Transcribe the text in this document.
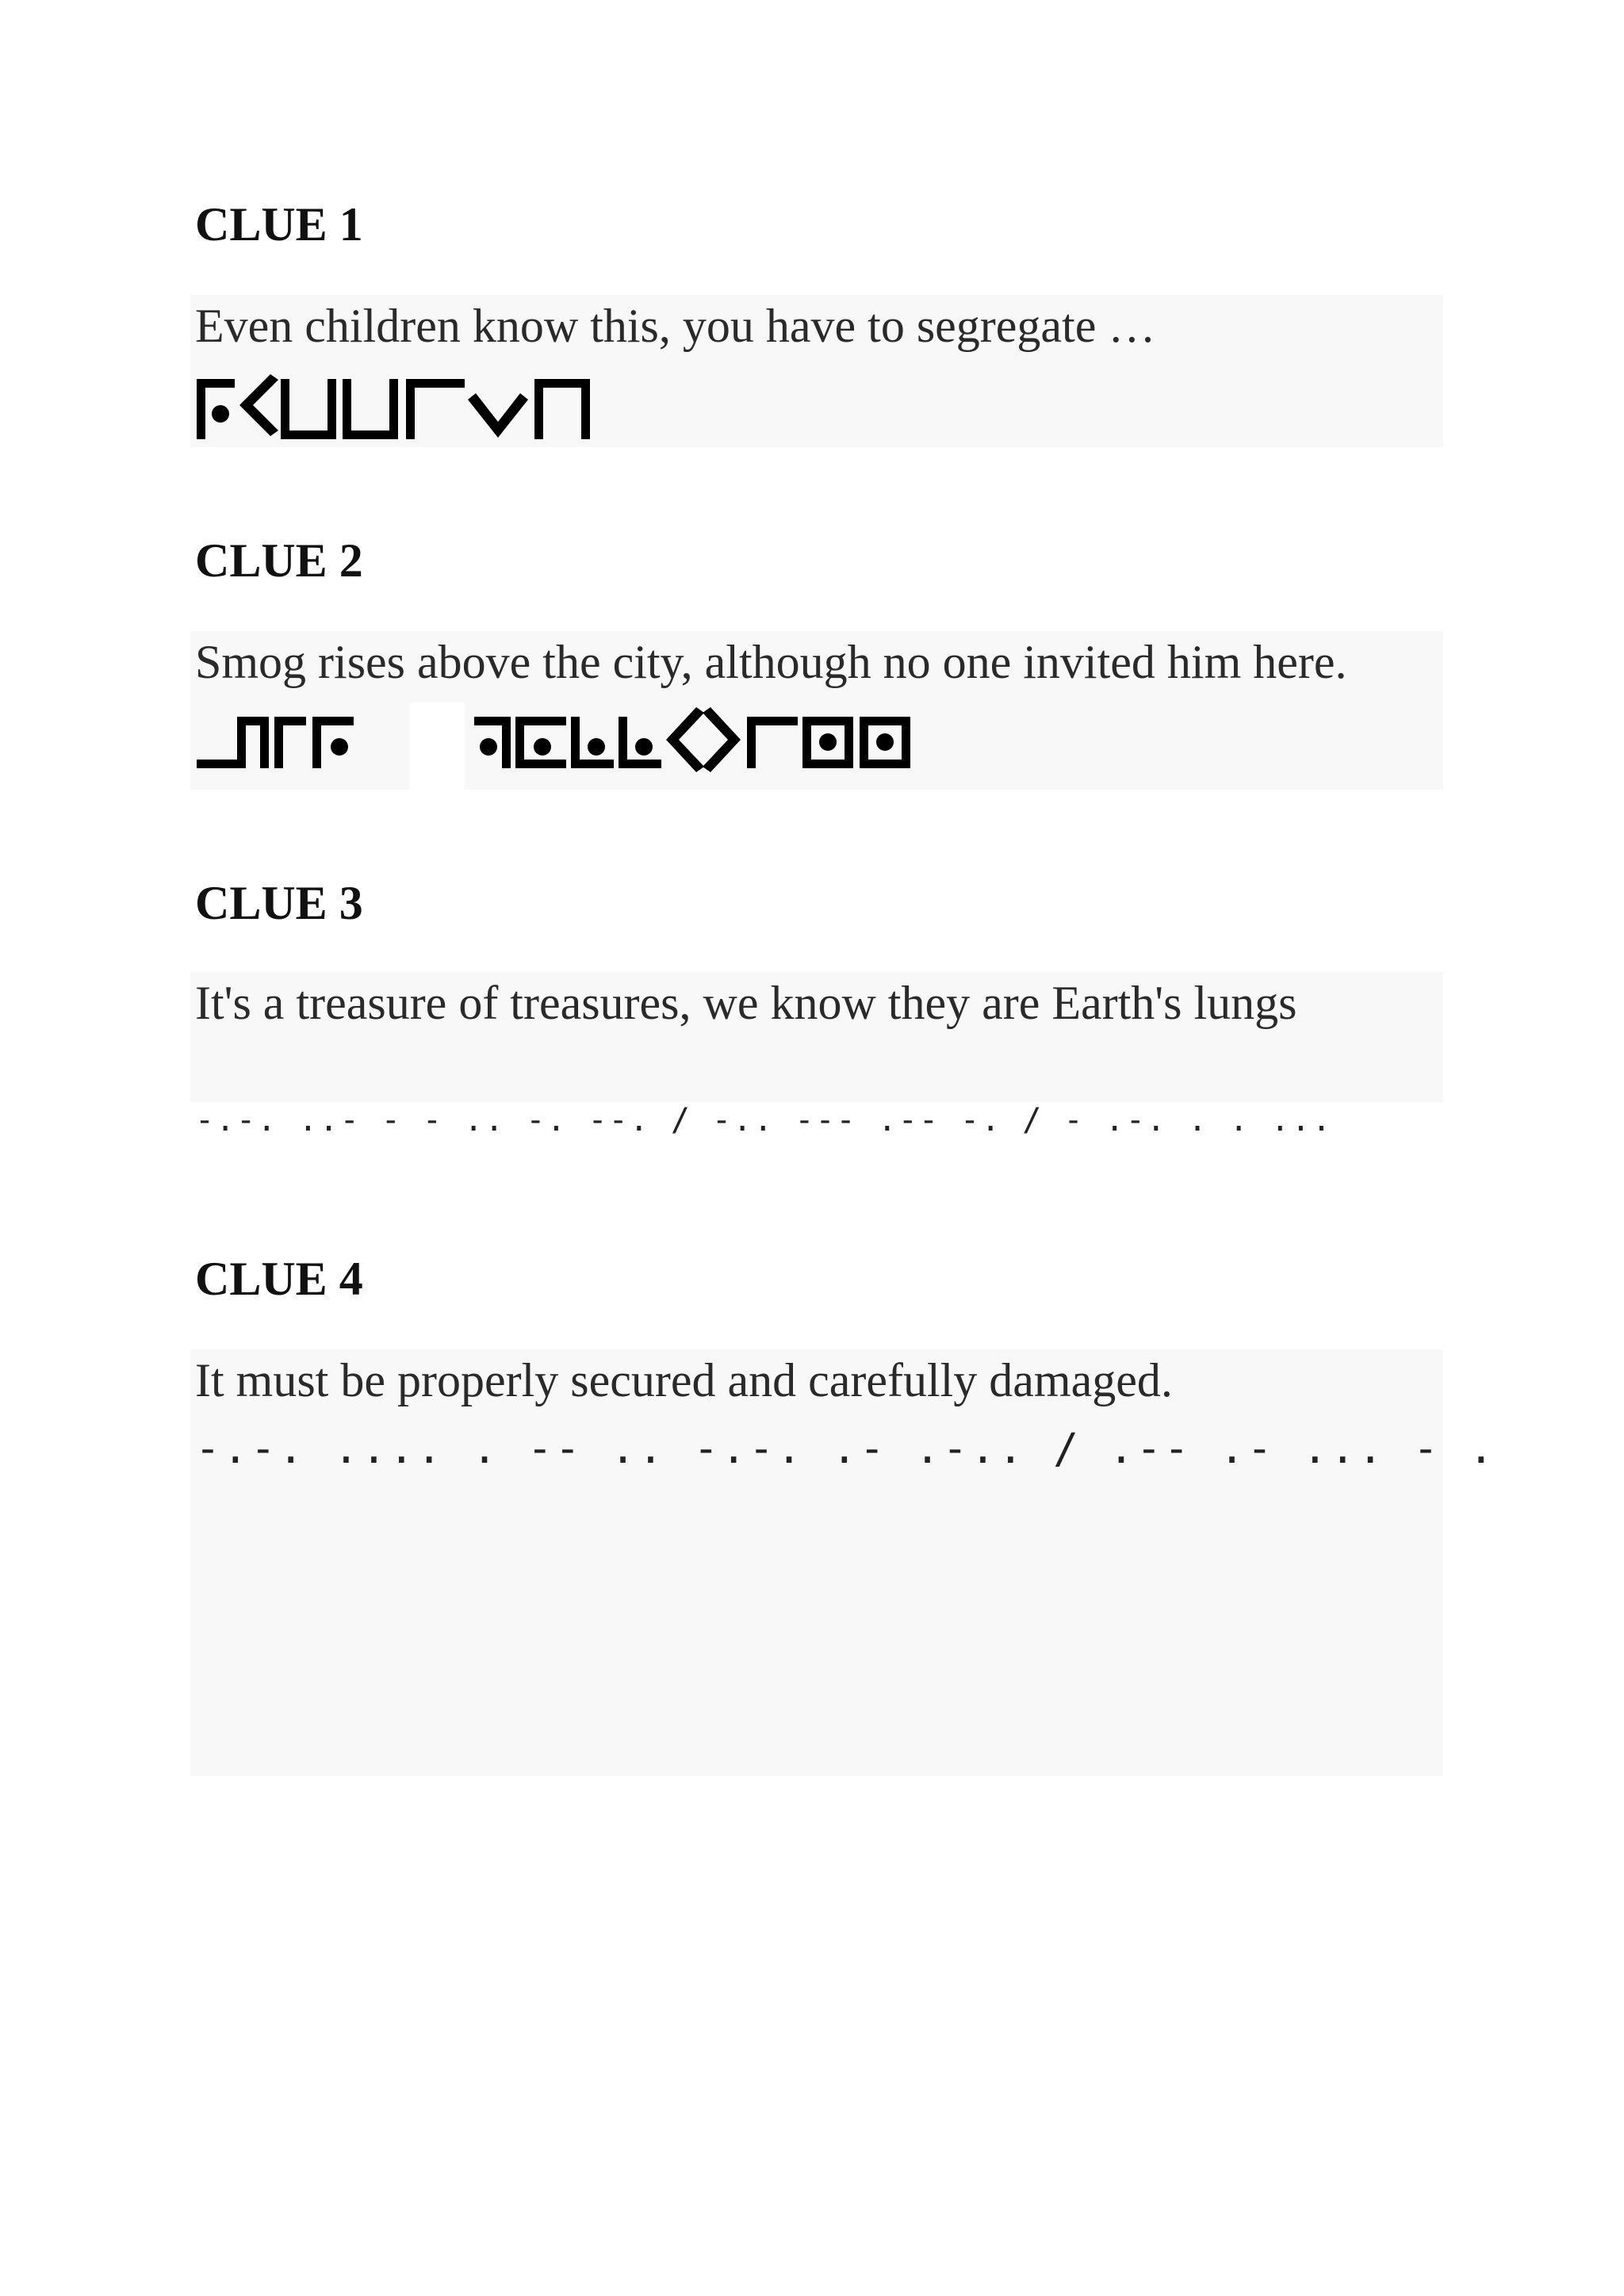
CLUE 1

Even children know this, you have to segregate …

CLUE 2

Smog rises above the city, although no one invited him here.

CLUE 3

It's a treasure of treasures, we know they are Earth's lungs

-.-. ..- - - .. -. --. / -.. --- .-- -. / - .-. . . ...

CLUE 4

It must be properly secured and carefully damaged.

-.-. .... . -- .. -.-. .- .-.. / .-- .- ... - .
